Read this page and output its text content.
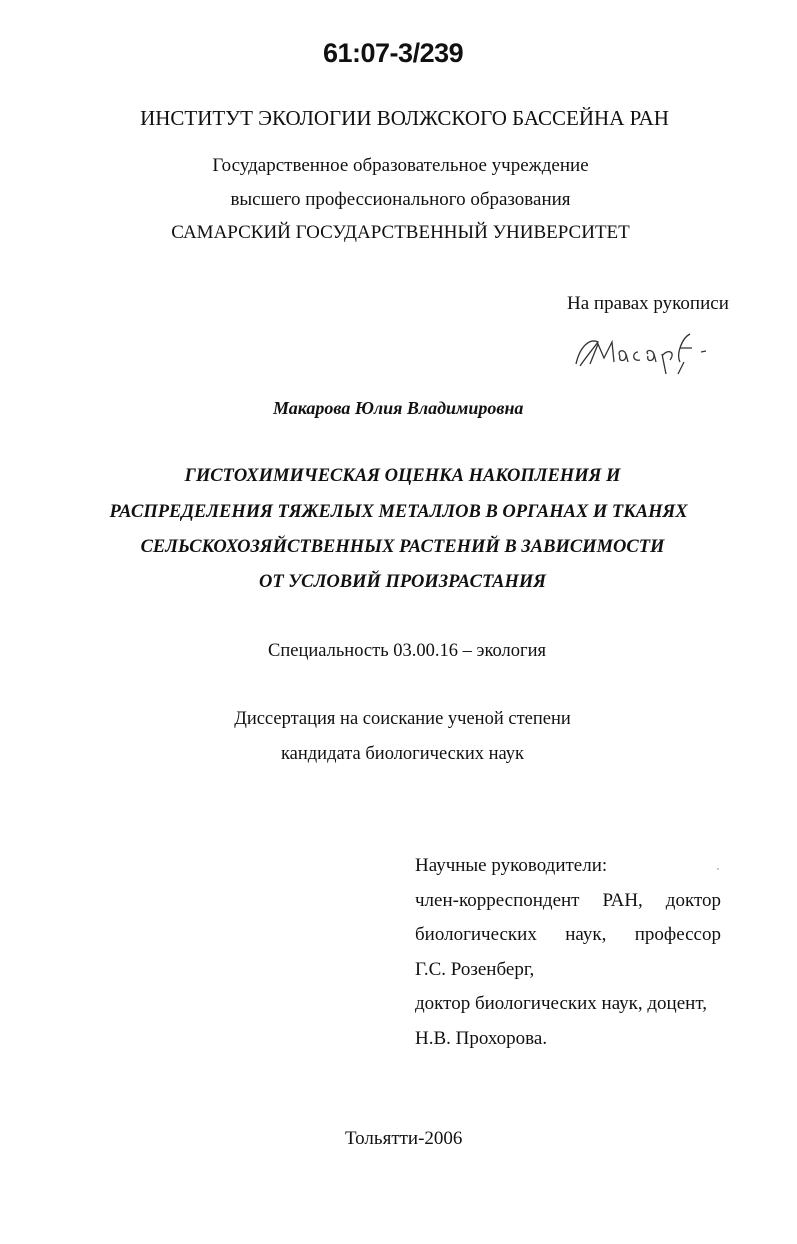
61:07-3/239
ИНСТИТУТ ЭКОЛОГИИ ВОЛЖСКОГО БАССЕЙНА РАН
Государственное образовательное учреждение
высшего профессионального образования
САМАРСКИЙ ГОСУДАРСТВЕННЫЙ УНИВЕРСИТЕТ
На правах рукописи
Макарова Юлия Владимировна
ГИСТОХИМИЧЕСКАЯ ОЦЕНКА НАКОПЛЕНИЯ И
РАСПРЕДЕЛЕНИЯ ТЯЖЕЛЫХ МЕТАЛЛОВ В ОРГАНАХ И ТКАНЯХ
СЕЛЬСКОХОЗЯЙСТВЕННЫХ РАСТЕНИЙ В ЗАВИСИМОСТИ
ОТ УСЛОВИЙ ПРОИЗРАСТАНИЯ
Специальность 03.00.16 – экология
Диссертация на соискание ученой степени
кандидата биологических наук
Научные руководители:
член-корреспондент РАН, доктор
биологических наук, профессор
Г.С. Розенберг,
доктор биологических наук, доцент,
Н.В. Прохорова.
Тольятти-2006
